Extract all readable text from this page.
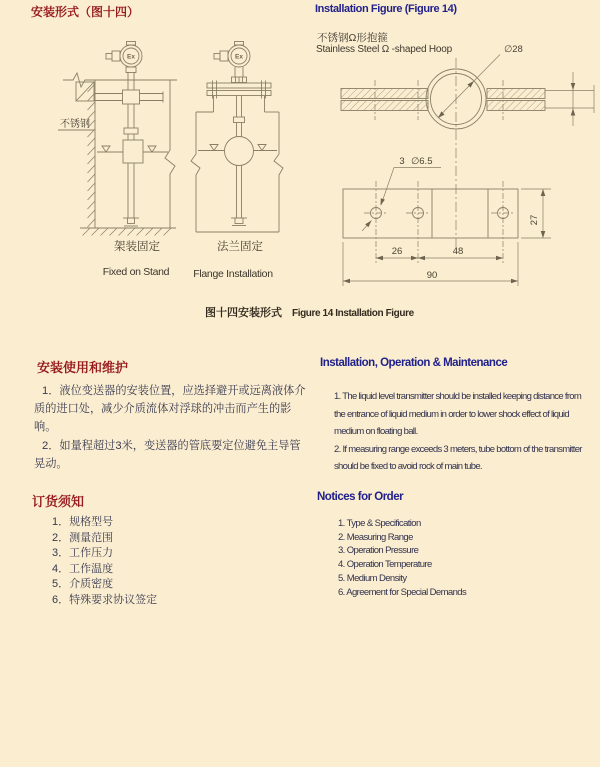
安装形式（图十四）	Installation Figure (Figure 14)
不锈钢Ω形抱箍
Stainless Steel Ω -shaped Hoop
Ex
不锈钢
Ex
∅28
3 ∅6.5
26	48
90
27
架装固定
Fixed on Stand
法兰固定
Flange Installation
图十四安装形式 Figure 14 Installation Figure
安装使用和维护	Installation, Operation & Maintenance

1．液位变送器的安装位置，应选择避开或远离液体介质的进口处，减少介质流体对浮球的冲击而产生的影响。

2．如量程超过3米，变送器的管底要定位避免主导管晃动。

1. The liquid level transmitter should be installed keeping distance from the entrance of liquid medium in order to lower shock effect of liquid medium on floating ball.

2. If measuring range exceeds 3 meters, tube bottom of the transmitter should be fixed to avoid rock of main tube.

订货须知	Notices for Order
1．规格型号
2．测量范围
3．工作压力
4．工作温度
5．介质密度
6．特殊要求协议签定
1. Type & Specification
2. Measuring Range
3. Operation Pressure
4. Operation Temperature
5. Medium Density
6. Agreement for Special Demands
